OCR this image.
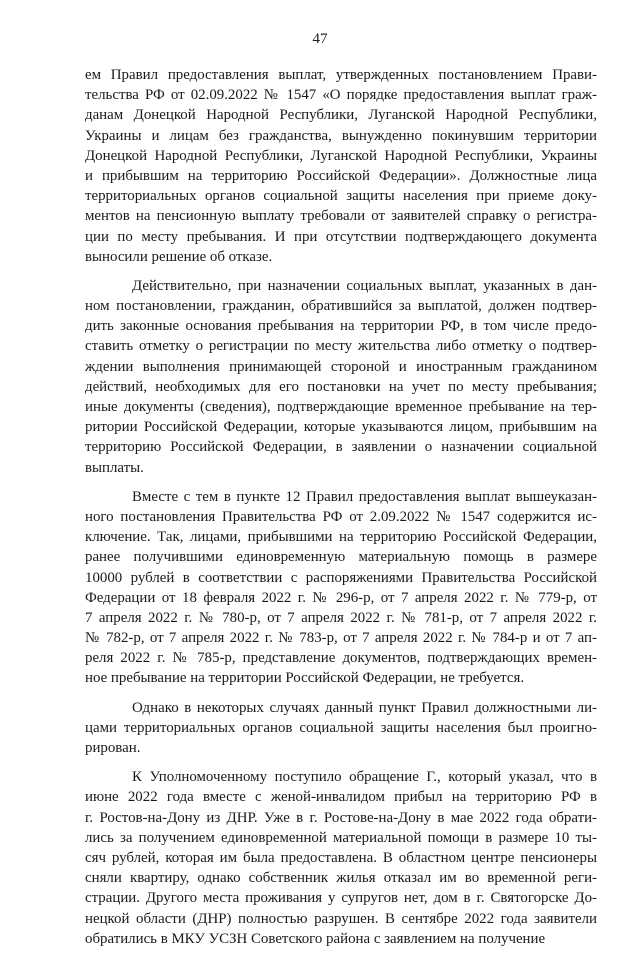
47
ем Правил предоставления выплат, утвержденных постановлением Прави-
тельства РФ от 02.09.2022 № 1547 «О порядке предоставления выплат граж-
данам Донецкой Народной Республики, Луганской Народной Республики,
Украины и лицам без гражданства, вынужденно покинувшим территории
Донецкой Народной Республики, Луганской Народной Республики, Украины
и прибывшим на территорию Российской Федерации». Должностные лица
территориальных органов социальной защиты населения при приеме доку-
ментов на пенсионную выплату требовали от заявителей справку о регистра-
ции по месту пребывания. И при отсутствии подтверждающего документа
выносили решение об отказе.
Действительно, при назначении социальных выплат, указанных в дан-
ном постановлении, гражданин, обратившийся за выплатой, должен подтвер-
дить законные основания пребывания на территории РФ, в том числе предо-
ставить отметку о регистрации по месту жительства либо отметку о подтвер-
ждении выполнения принимающей стороной и иностранным гражданином
действий, необходимых для его постановки на учет по месту пребывания;
иные документы (сведения), подтверждающие временное пребывание на тер-
ритории Российской Федерации, которые указываются лицом, прибывшим на
территорию Российской Федерации, в заявлении о назначении социальной
выплаты.
Вместе с тем в пункте 12 Правил предоставления выплат вышеуказан-
ного постановления Правительства РФ от 2.09.2022 № 1547 содержится ис-
ключение. Так, лицами, прибывшими на территорию Российской Федерации,
ранее получившими единовременную материальную помощь в размере
10000 рублей в соответствии с распоряжениями Правительства Российской
Федерации от 18 февраля 2022 г. № 296-р, от 7 апреля 2022 г. № 779-р, от
7 апреля 2022 г. № 780-р, от 7 апреля 2022 г. № 781-р, от 7 апреля 2022 г.
№ 782-р, от 7 апреля 2022 г. № 783-р, от 7 апреля 2022 г. № 784-р и от 7 ап-
реля 2022 г. № 785-р, представление документов, подтверждающих времен-
ное пребывание на территории Российской Федерации, не требуется.
Однако в некоторых случаях данный пункт Правил должностными ли-
цами территориальных органов социальной защиты населения был проигно-
рирован.
К Уполномоченному поступило обращение Г., который указал, что в
июне 2022 года вместе с женой-инвалидом прибыл на территорию РФ в
г. Ростов-на-Дону из ДНР. Уже в г. Ростове-на-Дону в мае 2022 года обрати-
лись за получением единовременной материальной помощи в размере 10 ты-
сяч рублей, которая им была предоставлена. В областном центре пенсионеры
сняли квартиру, однако собственник жилья отказал им во временной реги-
страции. Другого места проживания у супругов нет, дом в г. Святогорске До-
нецкой области (ДНР) полностью разрушен. В сентябре 2022 года заявители
обратились в МКУ УСЗН Советского района с заявлением на получение
